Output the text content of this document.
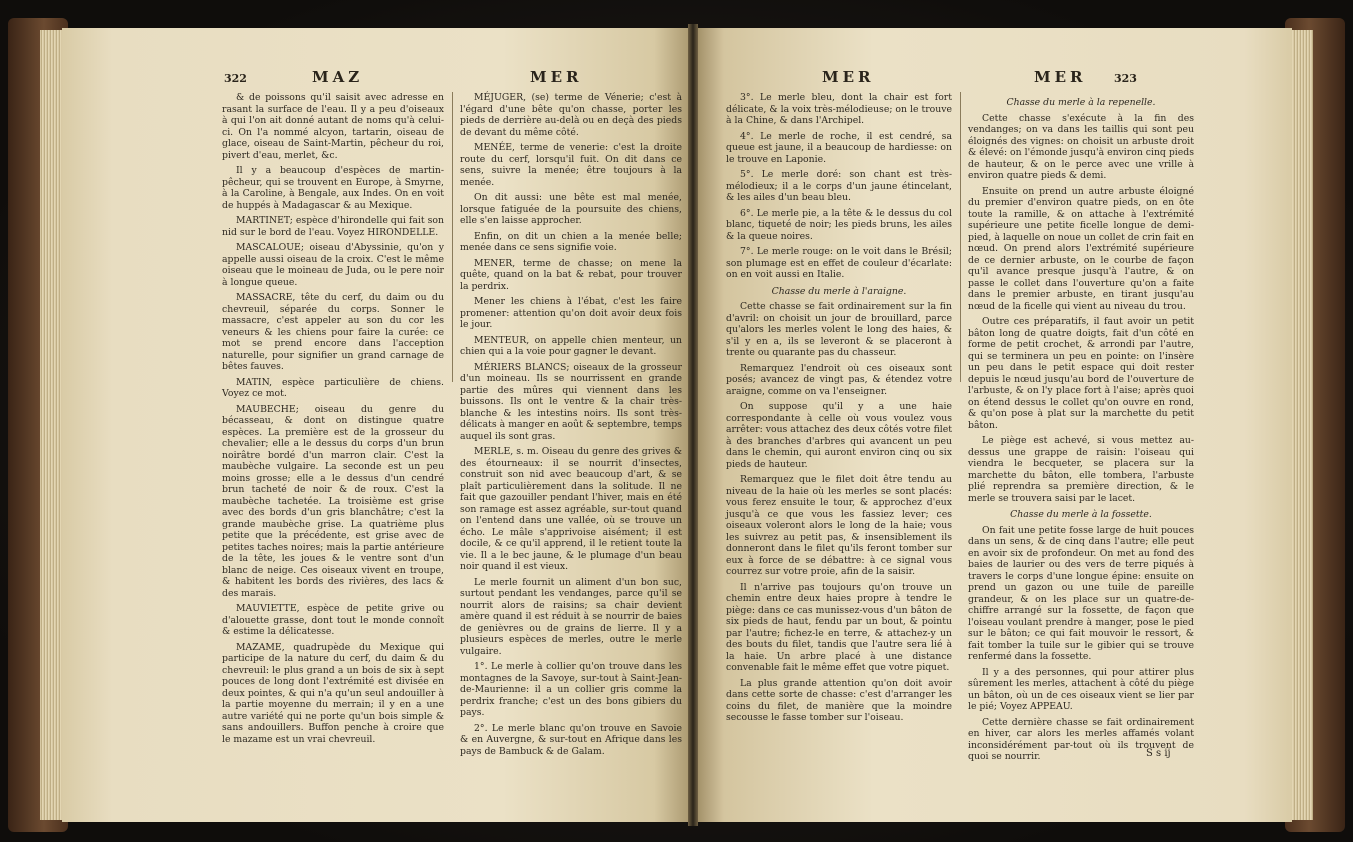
322	MAZ	MER

& de poissons qu'il saisit avec adresse en rasant la surface de l'eau. Il y a peu d'oiseaux à qui l'on ait donné autant de noms qu'à celui-ci. On l'a nommé alcyon, tartarin, oiseau de glace, oiseau de Saint-Martin, pêcheur du roi, pivert d'eau, merlet, &c.

Il y a beaucoup d'espèces de martin-pêcheur, qui se trouvent en Europe, à Smyrne, à la Caroline, à Bengale, aux Indes. On en voit de huppés à Madagascar & au Mexique.

MARTINET; espèce d'hirondelle qui fait son nid sur le bord de l'eau. Voyez HIRONDELLE.

MASCALOUE; oiseau d'Abyssinie, qu'on y appelle aussi oiseau de la croix. C'est le même oiseau que le moineau de Juda, ou le pere noir à longue queue.

MASSACRE, tête du cerf, du daim ou du chevreuil, séparée du corps. Sonner le massacre, c'est appeler au son du cor les veneurs & les chiens pour faire la curée: ce mot se prend encore dans l'acception naturelle, pour signifier un grand carnage de bêtes fauves.

MATIN, espèce particulière de chiens. Voyez ce mot.

MAUBECHE; oiseau du genre du bécasseau, & dont on distingue quatre espèces. La première est de la grosseur du chevalier; elle a le dessus du corps d'un brun noirâtre bordé d'un marron clair. C'est la maubèche vulgaire. La seconde est un peu moins grosse; elle a le dessus d'un cendré brun tacheté de noir & de roux. C'est la maubèche tachetée. La troisième est grise avec des bords d'un gris blanchâtre; c'est la grande maubèche grise. La quatrième plus petite que la précédente, est grise avec de petites taches noires; mais la partie antérieure de la tête, les joues & le ventre sont d'un blanc de neige. Ces oiseaux vivent en troupe, & habitent les bords des rivières, des lacs & des marais.

MAUVIETTE, espèce de petite grive ou d'alouette grasse, dont tout le monde connoît & estime la délicatesse.

MAZAME, quadrupède du Mexique qui participe de la nature du cerf, du daim & du chevreuil: le plus grand a un bois de six à sept pouces de long dont l'extrémité est divisée en deux pointes, & qui n'a qu'un seul andouiller à la partie moyenne du merrain; il y en a une autre variété qui ne porte qu'un bois simple & sans andouillers. Buffon penche à croire que le mazame est un vrai chevreuil.

MÉJUGER, (se) terme de Vénerie; c'est à l'égard d'une bête qu'on chasse, porter les pieds de derrière au-delà ou en deçà des pieds de devant du même côté.

MENÉE, terme de venerie: c'est la droite route du cerf, lorsqu'il fuit. On dit dans ce sens, suivre la menée; être toujours à la menée.

On dit aussi: une bête est mal menée, lorsque fatiguée de la poursuite des chiens, elle s'en laisse approcher.

Enfin, on dit un chien a la menée belle; menée dans ce sens signifie voie.

MENER, terme de chasse; on mene la quête, quand on la bat & rebat, pour trouver la perdrix.

Mener les chiens à l'ébat, c'est les faire promener: attention qu'on doit avoir deux fois le jour.

MENTEUR, on appelle chien menteur, un chien qui a la voie pour gagner le devant.

MÉRIERS BLANCS; oiseaux de la grosseur d'un moineau. Ils se nourrissent en grande partie des mûres qui viennent dans les buissons. Ils ont le ventre & la chair très-blanche & les intestins noirs. Ils sont très-délicats à manger en août & septembre, temps auquel ils sont gras.

MERLE, s. m. Oiseau du genre des grives & des étourneaux: il se nourrit d'insectes, construit son nid avec beaucoup d'art, & se plaît particulièrement dans la solitude. Il ne fait que gazouiller pendant l'hiver, mais en été son ramage est assez agréable, sur-tout quand on l'entend dans une vallée, où se trouve un écho. Le mâle s'apprivoise aisément; il est docile, & ce qu'il apprend, il le retient toute la vie. Il a le bec jaune, & le plumage d'un beau noir quand il est vieux.

Le merle fournit un aliment d'un bon suc, surtout pendant les vendanges, parce qu'il se nourrit alors de raisins; sa chair devient amère quand il est réduit à se nourrir de baies de genièvres ou de grains de lierre. Il y a plusieurs espèces de merles, outre le merle vulgaire.

1°. Le merle à collier qu'on trouve dans les montagnes de la Savoye, sur-tout à Saint-Jean-de-Maurienne: il a un collier gris comme la perdrix franche; c'est un des bons gibiers du pays.

2°. Le merle blanc qu'on trouve en Savoie & en Auvergne, & sur-tout en Afrique dans les pays de Bambuck & de Galam.

MER	MER 323

3°. Le merle bleu, dont la chair est fort délicate, & la voix très-mélodieuse; on le trouve à la Chine, & dans l'Archipel.

4°. Le merle de roche, il est cendré, sa queue est jaune, il a beaucoup de hardiesse: on le trouve en Laponie.

5°. Le merle doré: son chant est très-mélodieux; il a le corps d'un jaune étincelant, & les ailes d'un beau bleu.

6°. Le merle pie, a la tête & le dessus du col blanc, tiqueté de noir; les pieds bruns, les ailes & la queue noires.

7°. Le merle rouge: on le voit dans le Brésil; son plumage est en effet de couleur d'écarlate: on en voit aussi en Italie.

Chasse du merle à l'araigne.

Cette chasse se fait ordinairement sur la fin d'avril: on choisit un jour de brouillard, parce qu'alors les merles volent le long des haies, & s'il y en a, ils se leveront & se placeront à trente ou quarante pas du chasseur.

Remarquez l'endroit où ces oiseaux sont posés; avancez de vingt pas, & étendez votre araigne, comme on va l'enseigner.

On suppose qu'il y a une haie correspondante à celle où vous voulez vous arrêter: vous attachez des deux côtés votre filet à des branches d'arbres qui avancent un peu dans le chemin, qui auront environ cinq ou six pieds de hauteur.

Remarquez que le filet doit être tendu au niveau de la haie où les merles se sont placés: vous ferez ensuite le tour, & approchez d'eux jusqu'à ce que vous les fassiez lever; ces oiseaux voleront alors le long de la haie; vous les suivrez au petit pas, & insensiblement ils donneront dans le filet qu'ils feront tomber sur eux à force de se débattre: à ce signal vous courrez sur votre proie, afin de la saisir.

Il n'arrive pas toujours qu'on trouve un chemin entre deux haies propre à tendre le piège: dans ce cas munissez-vous d'un bâton de six pieds de haut, fendu par un bout, & pointu par l'autre; fichez-le en terre, & attachez-y un des bouts du filet, tandis que l'autre sera lié à la haie. Un arbre placé à une distance convenable fait le même effet que votre piquet.

La plus grande attention qu'on doit avoir dans cette sorte de chasse: c'est d'arranger les coins du filet, de manière que la moindre secousse le fasse tomber sur l'oiseau.

Chasse du merle à la repenelle.

Cette chasse s'exécute à la fin des vendanges; on va dans les taillis qui sont peu éloignés des vignes: on choisit un arbuste droit & élevé: on l'émonde jusqu'à environ cinq pieds de hauteur, & on le perce avec une vrille à environ quatre pieds & demi.

Ensuite on prend un autre arbuste éloigné du premier d'environ quatre pieds, on en ôte toute la ramille, & on attache à l'extrémité supérieure une petite ficelle longue de demi-pied, à laquelle on noue un collet de crin fait en nœud. On prend alors l'extrémité supérieure de ce dernier arbuste, on le courbe de façon qu'il avance presque jusqu'à l'autre, & on passe le collet dans l'ouverture qu'on a faite dans le premier arbuste, en tirant jusqu'au nœud de la ficelle qui vient au niveau du trou.

Outre ces préparatifs, il faut avoir un petit bâton long de quatre doigts, fait d'un côté en forme de petit crochet, & arrondi par l'autre, qui se terminera un peu en pointe: on l'insère un peu dans le petit espace qui doit rester depuis le nœud jusqu'au bord de l'ouverture de l'arbuste, & on l'y place fort à l'aise; après quoi on étend dessus le collet qu'on ouvre en rond, & qu'on pose à plat sur la marchette du petit bâton.

Le piège est achevé, si vous mettez au-dessus une grappe de raisin: l'oiseau qui viendra le becqueter, se placera sur la marchette du bâton, elle tombera, l'arbuste plié reprendra sa première direction, & le merle se trouvera saisi par le lacet.

Chasse du merle à la fossette.

On fait une petite fosse large de huit pouces dans un sens, & de cinq dans l'autre; elle peut en avoir six de profondeur. On met au fond des baies de laurier ou des vers de terre piqués à travers le corps d'une longue épine: ensuite on prend un gazon ou une tuile de pareille grandeur, & on les place sur un quatre-de-chiffre arrangé sur la fossette, de façon que l'oiseau voulant prendre à manger, pose le pied sur le bâton; ce qui fait mouvoir le ressort, & fait tomber la tuile sur le gibier qui se trouve renfermé dans la fossette.

Il y a des personnes, qui pour attirer plus sûrement les merles, attachent à côté du piège un bâton, où un de ces oiseaux vient se lier par le pié; Voyez APPEAU.

Cette dernière chasse se fait ordinairement en hiver, car alors les merles affamés volant inconsidérément par-tout où ils trouvent de quoi se nourrir.	S s ij
